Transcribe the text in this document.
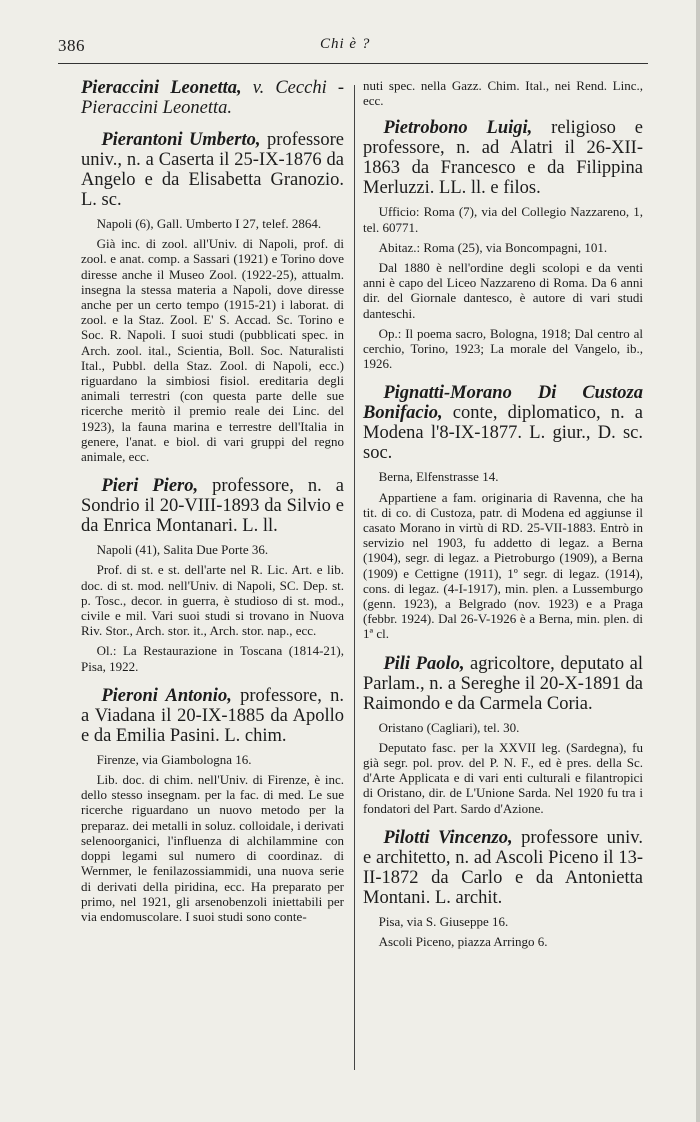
386	Chi è ?

Pieraccini Leonetta, v. Cecchi - Pieraccini Leonetta.

Pierantoni Umberto, professore univ., n. a Caserta il 25-IX-1876 da Angelo e da Elisabetta Granozio. L. sc.

Napoli (6), Gall. Umberto I 27, telef. 2864.

Già inc. di zool. all'Univ. di Napoli, prof. di zool. e anat. comp. a Sassari (1921) e Torino dove diresse anche il Museo Zool. (1922-25), attualm. insegna la stessa materia a Napoli, dove diresse anche per un certo tempo (1915-21) i laborat. di zool. e la Staz. Zool. E' S. Accad. Sc. Torino e Soc. R. Napoli. I suoi studi (pubblicati spec. in Arch. zool. ital., Scientia, Boll. Soc. Naturalisti Ital., Pubbl. della Staz. Zool. di Napoli, ecc.) riguardano la simbiosi fisiol. ereditaria degli animali terrestri (con questa parte delle sue ricerche meritò il premio reale dei Linc. del 1923), la fauna marina e terrestre dell'Italia in genere, l'anat. e biol. di vari gruppi del regno animale, ecc.

Pieri Piero, professore, n. a Sondrio il 20-VIII-1893 da Silvio e da Enrica Montanari. L. ll.

Napoli (41), Salita Due Porte 36.

Prof. di st. e st. dell'arte nel R. Lic. Art. e lib. doc. di st. mod. nell'Univ. di Napoli, SC. Dep. st. p. Tosc., decor. in guerra, è studioso di st. mod., civile e mil. Vari suoi studi si trovano in Nuova Riv. Stor., Arch. stor. it., Arch. stor. nap., ecc.

Ol.: La Restaurazione in Toscana (1814-21), Pisa, 1922.

Pieroni Antonio, professore, n. a Viadana il 20-IX-1885 da Apollo e da Emilia Pasini. L. chim.

Firenze, via Giambologna 16.

Lib. doc. di chim. nell'Univ. di Firenze, è inc. dello stesso insegnam. per la fac. di med. Le sue ricerche riguardano un nuovo metodo per la preparaz. dei metalli in soluz. colloidale, i derivati selenoorganici, l'influenza di alchilammine con doppi legami sul numero di coordinaz. di Wernmer, le fenilazossiammidi, una nuova serie di derivati della piridina, ecc. Ha preparato per primo, nel 1921, gli arsenobenzoli iniettabili per via endomuscolare. I suoi studi sono conte-

nuti spec. nella Gazz. Chim. Ital., nei Rend. Linc., ecc.

Pietrobono Luigi, religioso e professore, n. ad Alatri il 26-XII-1863 da Francesco e da Filippina Merluzzi. LL. ll. e filos.

Ufficio: Roma (7), via del Collegio Nazzareno, 1, tel. 60771.

Abitaz.: Roma (25), via Boncompagni, 101.

Dal 1880 è nell'ordine degli scolopi e da venti anni è capo del Liceo Nazzareno di Roma. Da 6 anni dir. del Giornale dantesco, è autore di vari studi danteschi.

Op.: Il poema sacro, Bologna, 1918; Dal centro al cerchio, Torino, 1923; La morale del Vangelo, ib., 1926.

Pignatti-Morano Di Custoza Bonifacio, conte, diplomatico, n. a Modena l'8-IX-1877. L. giur., D. sc. soc.

Berna, Elfenstrasse 14.

Appartiene a fam. originaria di Ravenna, che ha tit. di co. di Custoza, patr. di Modena ed aggiunse il casato Morano in virtù di RD. 25-VII-1883. Entrò in servizio nel 1903, fu addetto di legaz. a Berna (1904), segr. di legaz. a Pietroburgo (1909), a Berna (1909) e Cettigne (1911), 1º segr. di legaz. (1914), cons. di legaz. (4-I-1917), min. plen. a Lussemburgo (genn. 1923), a Belgrado (nov. 1923) e a Praga (febbr. 1924). Dal 26-V-1926 è a Berna, min. plen. di 1ª cl.

Pili Paolo, agricoltore, deputato al Parlam., n. a Sereghe il 20-X-1891 da Raimondo e da Carmela Coria.

Oristano (Cagliari), tel. 30.

Deputato fasc. per la XXVII leg. (Sardegna), fu già segr. pol. prov. del P. N. F., ed è pres. della Sc. d'Arte Applicata e di vari enti culturali e filantropici di Oristano, dir. de L'Unione Sarda. Nel 1920 fu tra i fondatori del Part. Sardo d'Azione.

Pilotti Vincenzo, professore univ. e architetto, n. ad Ascoli Piceno il 13-II-1872 da Carlo e da Antonietta Montani. L. archit.

Pisa, via S. Giuseppe 16.

Ascoli Piceno, piazza Arringo 6.
